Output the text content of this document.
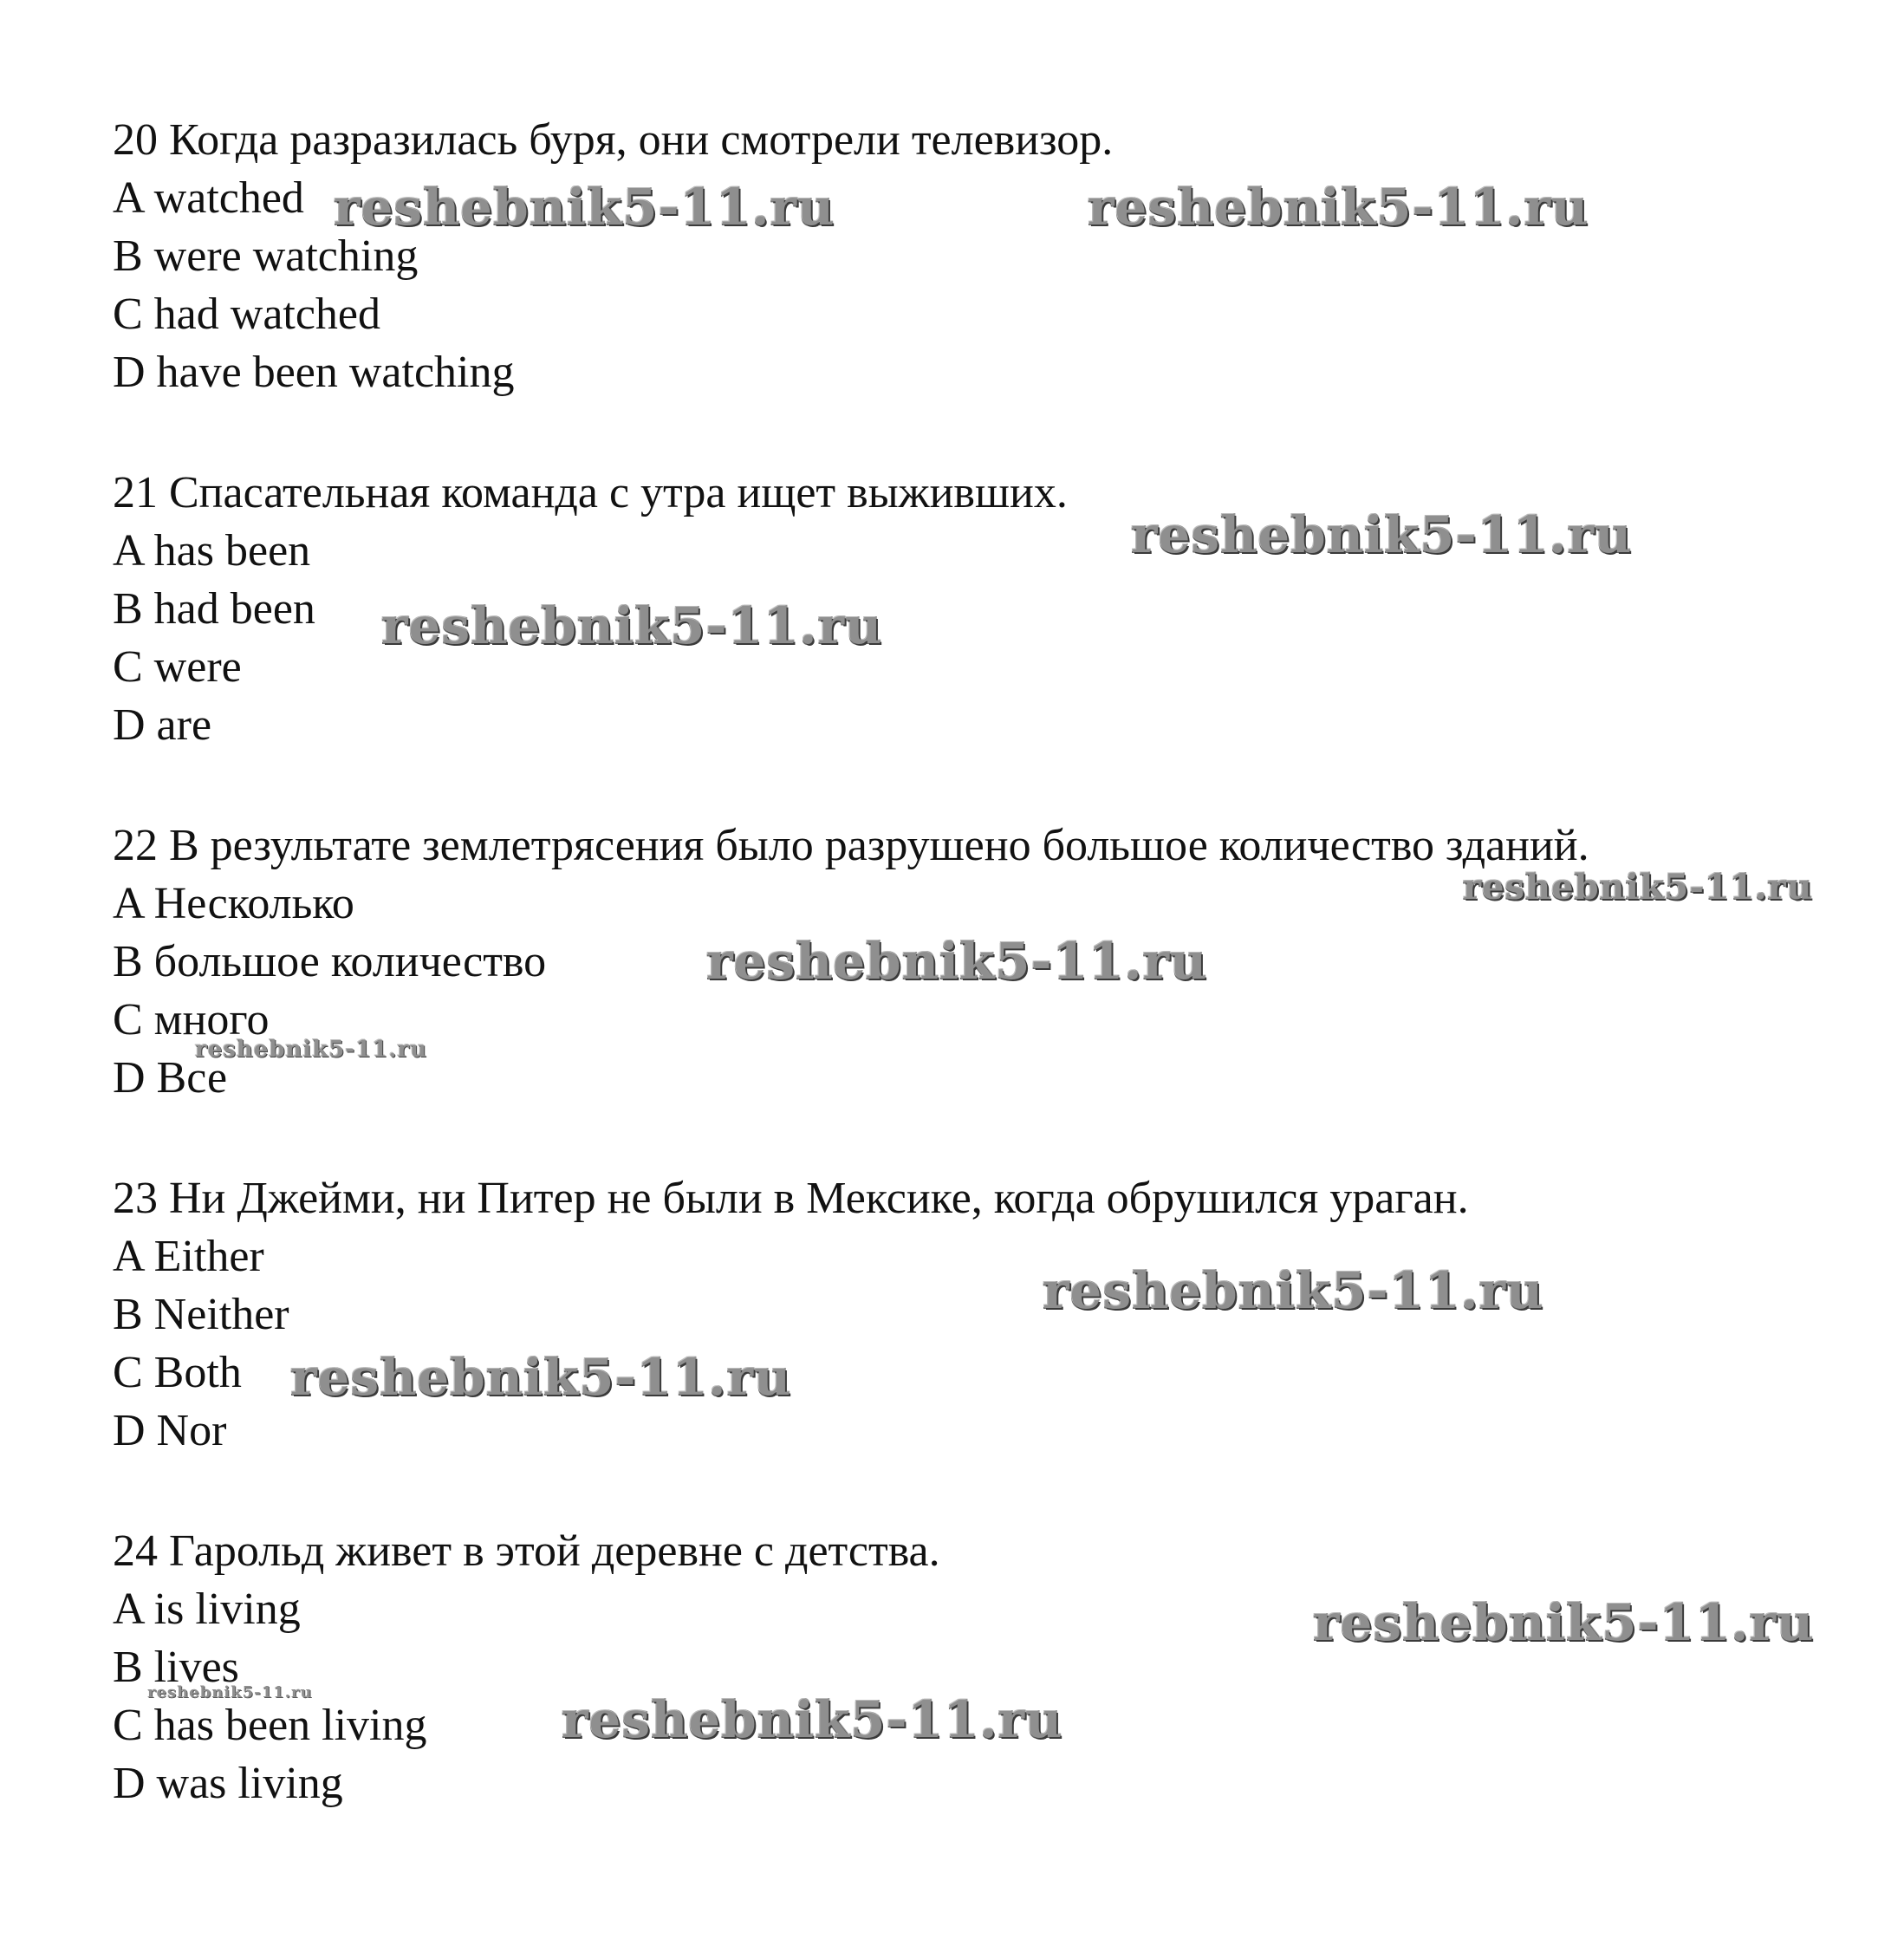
20 Когда разразилась буря, они смотрели телевизор.
A watched
B were watching
C had watched
D have been watching
21 Спасательная команда с утра ищет выживших.
A has been
B had been
C were
D are
22 В результате землетрясения было разрушено большое количество зданий.
A Несколько
B большое количество
C много
D Все
23 Ни Джейми, ни Питер не были в Мексике, когда обрушился ураган.
A Either
B Neither
C Both
D Nor
24 Гарольд живет в этой деревне с детства.
A is living
B lives
C has been living
D was living
reshebnik5-11.ru	reshebnik5-11.ru
reshebnik5-11.ru
reshebnik5-11.ru
reshebnik5-11.ru
reshebnik5-11.ru
reshebnik5-11.ru
reshebnik5-11.ru
reshebnik5-11.ru
reshebnik5-11.ru
reshebnik5-11.ru	reshebnik5-11.ru
